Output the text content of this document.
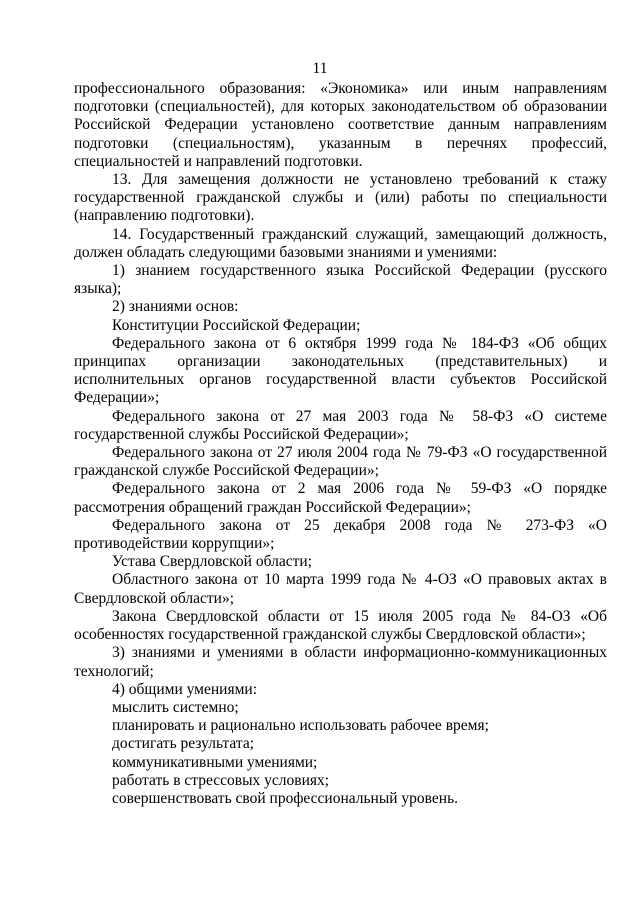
11

профессионального образования: «Экономика» или иным направлениям подготовки (специальностей), для которых законодательством об образовании Российской Федерации установлено соответствие данным направлениям подготовки (специальностям), указанным в перечнях профессий, специальностей и направлений подготовки.

13. Для замещения должности не установлено требований к стажу государственной гражданской службы и (или) работы по специальности (направлению подготовки).

14. Государственный гражданский служащий, замещающий должность, должен обладать следующими базовыми знаниями и умениями:

1) знанием государственного языка Российской Федерации (русского языка);

2) знаниями основ:

Конституции Российской Федерации;

Федерального закона от 6 октября 1999 года № 184-ФЗ «Об общих принципах организации законодательных (представительных) и исполнительных органов государственной власти субъектов Российской Федерации»;

Федерального закона от 27 мая 2003 года № 58-ФЗ «О системе государственной службы Российской Федерации»;

Федерального закона от 27 июля 2004 года № 79-ФЗ «О государственной гражданской службе Российской Федерации»;

Федерального закона от 2 мая 2006 года № 59-ФЗ «О порядке рассмотрения обращений граждан Российской Федерации»;

Федерального закона от 25 декабря 2008 года № 273-ФЗ «О противодействии коррупции»;

Устава Свердловской области;

Областного закона от 10 марта 1999 года № 4-ОЗ «О правовых актах в Свердловской области»;

Закона Свердловской области от 15 июля 2005 года № 84-ОЗ «Об особенностях государственной гражданской службы Свердловской области»;

3) знаниями и умениями в области информационно-коммуникационных технологий;

4) общими умениями:

мыслить системно;

планировать и рационально использовать рабочее время;

достигать результата;

коммуникативными умениями;

работать в стрессовых условиях;

совершенствовать свой профессиональный уровень.
